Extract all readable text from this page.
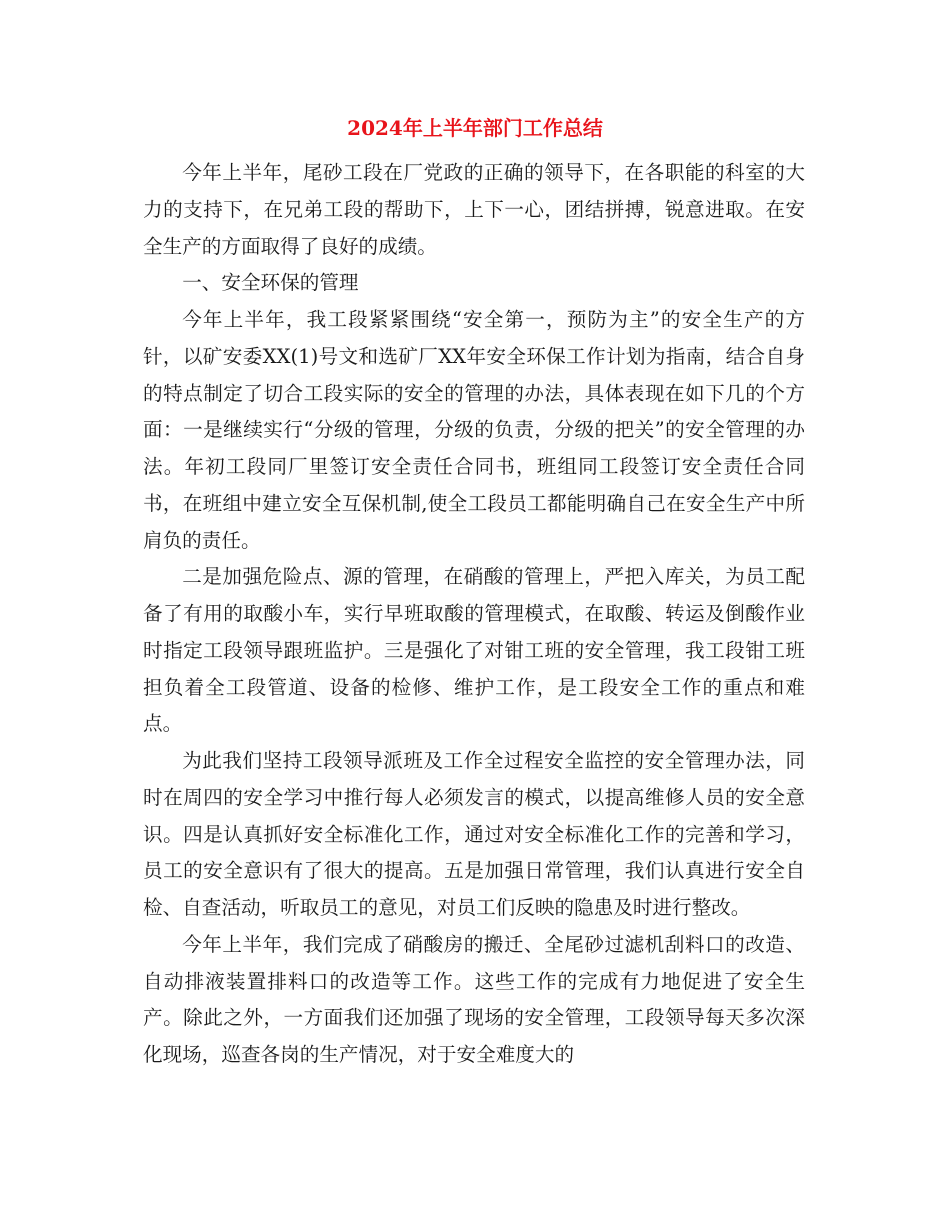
2024年上半年部门工作总结

今年上半年，尾砂工段在厂党政的正确的领导下，在各职能的科室的大力的支持下，在兄弟工段的帮助下，上下一心，团结拼搏，锐意进取。在安全生产的方面取得了良好的成绩。

一、安全环保的管理

今年上半年，我工段紧紧围绕“安全第一，预防为主”的安全生产的方针，以矿安委XX(1)号文和选矿厂XX年安全环保工作计划为指南，结合自身的特点制定了切合工段实际的安全的管理的办法，具体表现在如下几的个方面：一是继续实行“分级的管理，分级的负责，分级的把关”的安全管理的办法。年初工段同厂里签订安全责任合同书，班组同工段签订安全责任合同书，在班组中建立安全互保机制,使全工段员工都能明确自己在安全生产中所肩负的责任。

二是加强危险点、源的管理，在硝酸的管理上，严把入库关，为员工配备了有用的取酸小车，实行早班取酸的管理模式，在取酸、转运及倒酸作业时指定工段领导跟班监护。三是强化了对钳工班的安全管理，我工段钳工班担负着全工段管道、设备的检修、维护工作，是工段安全工作的重点和难点。

为此我们坚持工段领导派班及工作全过程安全监控的安全管理办法，同时在周四的安全学习中推行每人必须发言的模式，以提高维修人员的安全意识。四是认真抓好安全标准化工作，通过对安全标准化工作的完善和学习，员工的安全意识有了很大的提高。五是加强日常管理，我们认真进行安全自检、自查活动，听取员工的意见，对员工们反映的隐患及时进行整改。

今年上半年，我们完成了硝酸房的搬迁、全尾砂过滤机刮料口的改造、自动排液装置排料口的改造等工作。这些工作的完成有力地促进了安全生产。除此之外，一方面我们还加强了现场的安全管理，工段领导每天多次深化现场，巡查各岗的生产情况，对于安全难度大的
